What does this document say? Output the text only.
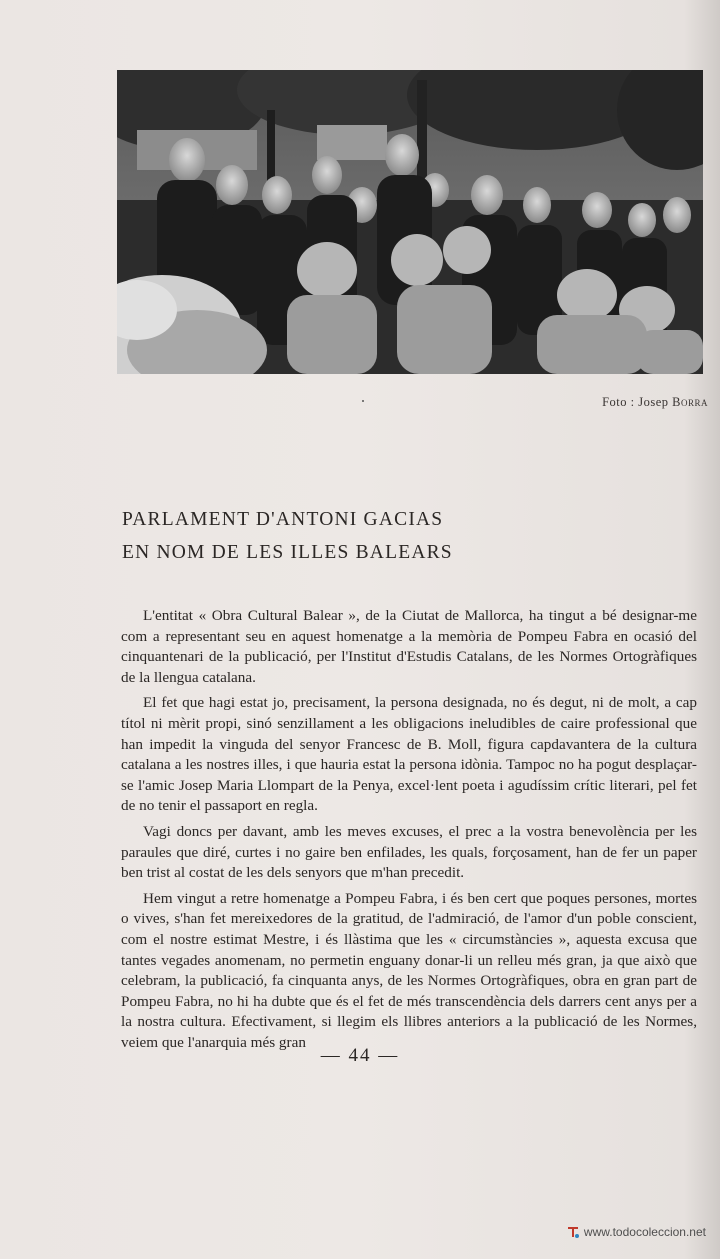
Foto : Josep Borra
PARLAMENT D'ANTONI GACIAS
EN NOM DE LES ILLES BALEARS

L'entitat « Obra Cultural Balear », de la Ciutat de Mallorca, ha tingut a bé designar-me com a representant seu en aquest homenatge a la memòria de Pompeu Fabra en ocasió del cinquantenari de la publicació, per l'Institut d'Estudis Catalans, de les Normes Ortogràfiques de la llengua catalana.

El fet que hagi estat jo, precisament, la persona designada, no és degut, ni de molt, a cap títol ni mèrit propi, sinó senzillament a les obligacions ineludibles de caire professional que han impedit la vinguda del senyor Francesc de B. Moll, figura capdavantera de la cultura catalana a les nostres illes, i que hauria estat la persona idònia. Tampoc no ha pogut desplaçar-se l'amic Josep Maria Llompart de la Penya, excel·lent poeta i agudíssim crític literari, pel fet de no tenir el passaport en regla.

Vagi doncs per davant, amb les meves excuses, el prec a la vostra benevolència per les paraules que diré, curtes i no gaire ben enfilades, les quals, forçosament, han de fer un paper ben trist al costat de les dels senyors que m'han precedit.

Hem vingut a retre homenatge a Pompeu Fabra, i és ben cert que poques persones, mortes o vives, s'han fet mereixedores de la gratitud, de l'admiració, de l'amor d'un poble conscient, com el nostre estimat Mestre, i és llàstima que les « circumstàncies », aquesta excusa que tantes vegades anomenam, no permetin enguany donar-li un relleu més gran, ja que això que celebram, la publicació, fa cinquanta anys, de les Normes Ortogràfiques, obra en gran part de Pompeu Fabra, no hi ha dubte que és el fet de més transcendència dels darrers cent anys per a la nostra cultura. Efectivament, si llegim els llibres anteriors a la publicació de les Normes, veiem que l'anarquia més gran

— 44 —
www.todocoleccion.net
